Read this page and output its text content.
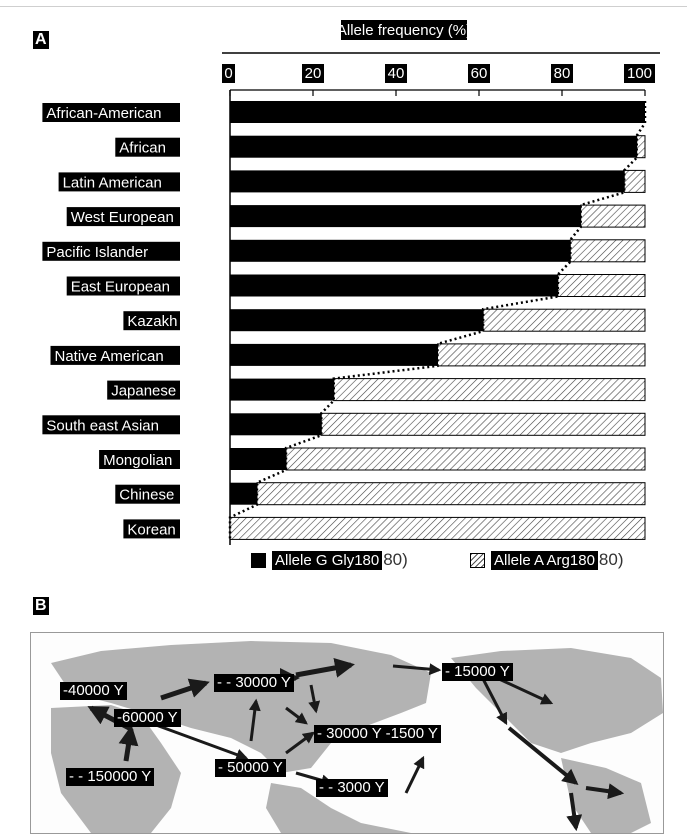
A
Allele frequency (%)
0	20	40	60	80	100
African-American
African
Latin American
West European
Pacific Islander
East European
Kazakh
Native American
Japanese
South east Asian
Mongolian
Chinese
Korean
Allele G Gly180 80)	Allele A Arg180 80)
B
-40000 Y	- - 30000 Y
- 15000 Y
-60000 Y
- 30000 Y -1500 Y
- - 150000 Y
- 50000 Y
- - 3000 Y
